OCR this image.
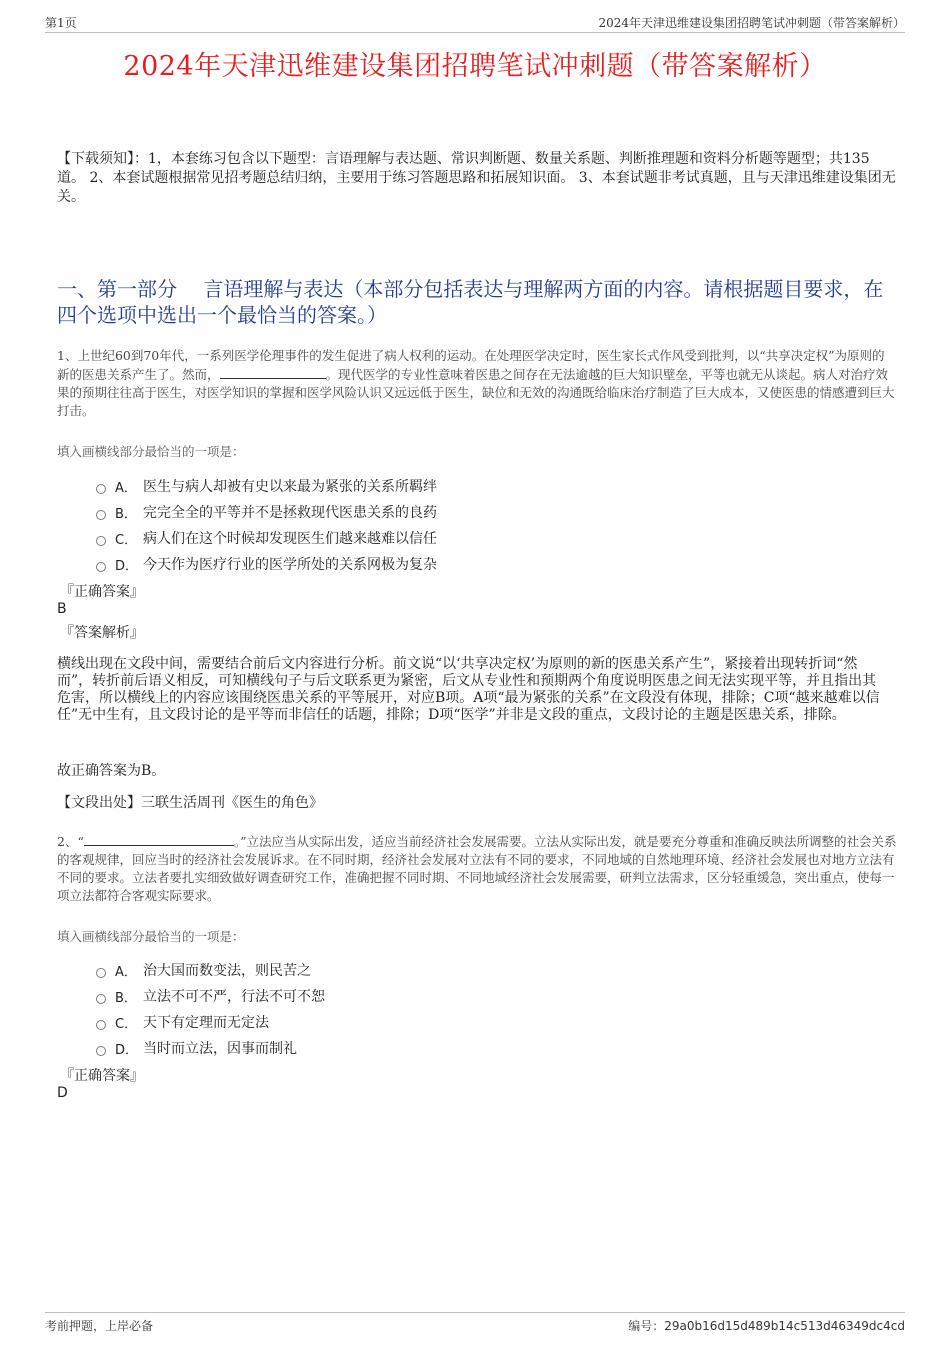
第1页	2024年天津迅维建设集团招聘笔试冲刺题（带答案解析）
2024年天津迅维建设集团招聘笔试冲刺题（带答案解析）
【下载须知】：1，本套练习包含以下题型：言语理解与表达题、常识判断题、数量关系题、判断推理题和资料分析题等题型；共135道。 2、本套试题根据常见招考题总结归纳，主要用于练习答题思路和拓展知识面。 3、本套试题非考试真题，且与天津迅维建设集团无关。
一、第一部分　 言语理解与表达（本部分包括表达与理解两方面的内容。请根据题目要求，在四个选项中选出一个最恰当的答案。）
1、上世纪60到70年代，一系列医学伦理事件的发生促进了病人权利的运动。在处理医学决定时，医生家长式作风受到批判，以“共享决定权”为原则的新的医患关系产生了。然而，	。现代医学的专业性意味着医患之间存在无法逾越的巨大知识壁垒，平等也就无从谈起。病人对治疗效果的预期往往高于医生，对医学知识的掌握和医学风险认识又远远低于医生，缺位和无效的沟通既给临床治疗制造了巨大成本，又使医患的情感遭到巨大打击。
填入画横线部分最恰当的一项是：
A． 医生与病人却被有史以来最为紧张的关系所羁绊
B． 完完全全的平等并不是拯救现代医患关系的良药
C． 病人们在这个时候却发现医生们越来越难以信任
D． 今天作为医疗行业的医学所处的关系网极为复杂
『正确答案』
B
『答案解析』
横线出现在文段中间，需要结合前后文内容进行分析。前文说“以‘共享决定权’为原则的新的医患关系产生”，紧接着出现转折词“然而”，转折前后语义相反，可知横线句子与后文联系更为紧密，后文从专业性和预期两个角度说明医患之间无法实现平等，并且指出其危害，所以横线上的内容应该围绕医患关系的平等展开，对应B项。A项“最为紧张的关系”在文段没有体现，排除；C项“越来越难以信任”无中生有，且文段讨论的是平等而非信任的话题，排除；D项“医学”并非是文段的重点，文段讨论的主题是医患关系，排除。
故正确答案为B。
【文段出处】三联生活周刊《医生的角色》
2、“	。”立法应当从实际出发，适应当前经济社会发展需要。立法从实际出发，就是要充分尊重和准确反映法所调整的社会关系的客观规律，回应当时的经济社会发展诉求。在不同时期，经济社会发展对立法有不同的要求，不同地域的自然地理环境、经济社会发展也对地方立法有不同的要求。立法者要扎实细致做好调查研究工作，准确把握不同时期、不同地域经济社会发展需要，研判立法需求，区分轻重缓急，突出重点，使每一项立法都符合客观实际要求。
填入画横线部分最恰当的一项是：
A． 治大国而数变法，则民苦之
B． 立法不可不严，行法不可不恕
C． 天下有定理而无定法
D． 当时而立法，因事而制礼
『正确答案』
D
考前押题，上岸必备	编号：29a0b16d15d489b14c513d46349dc4cd
